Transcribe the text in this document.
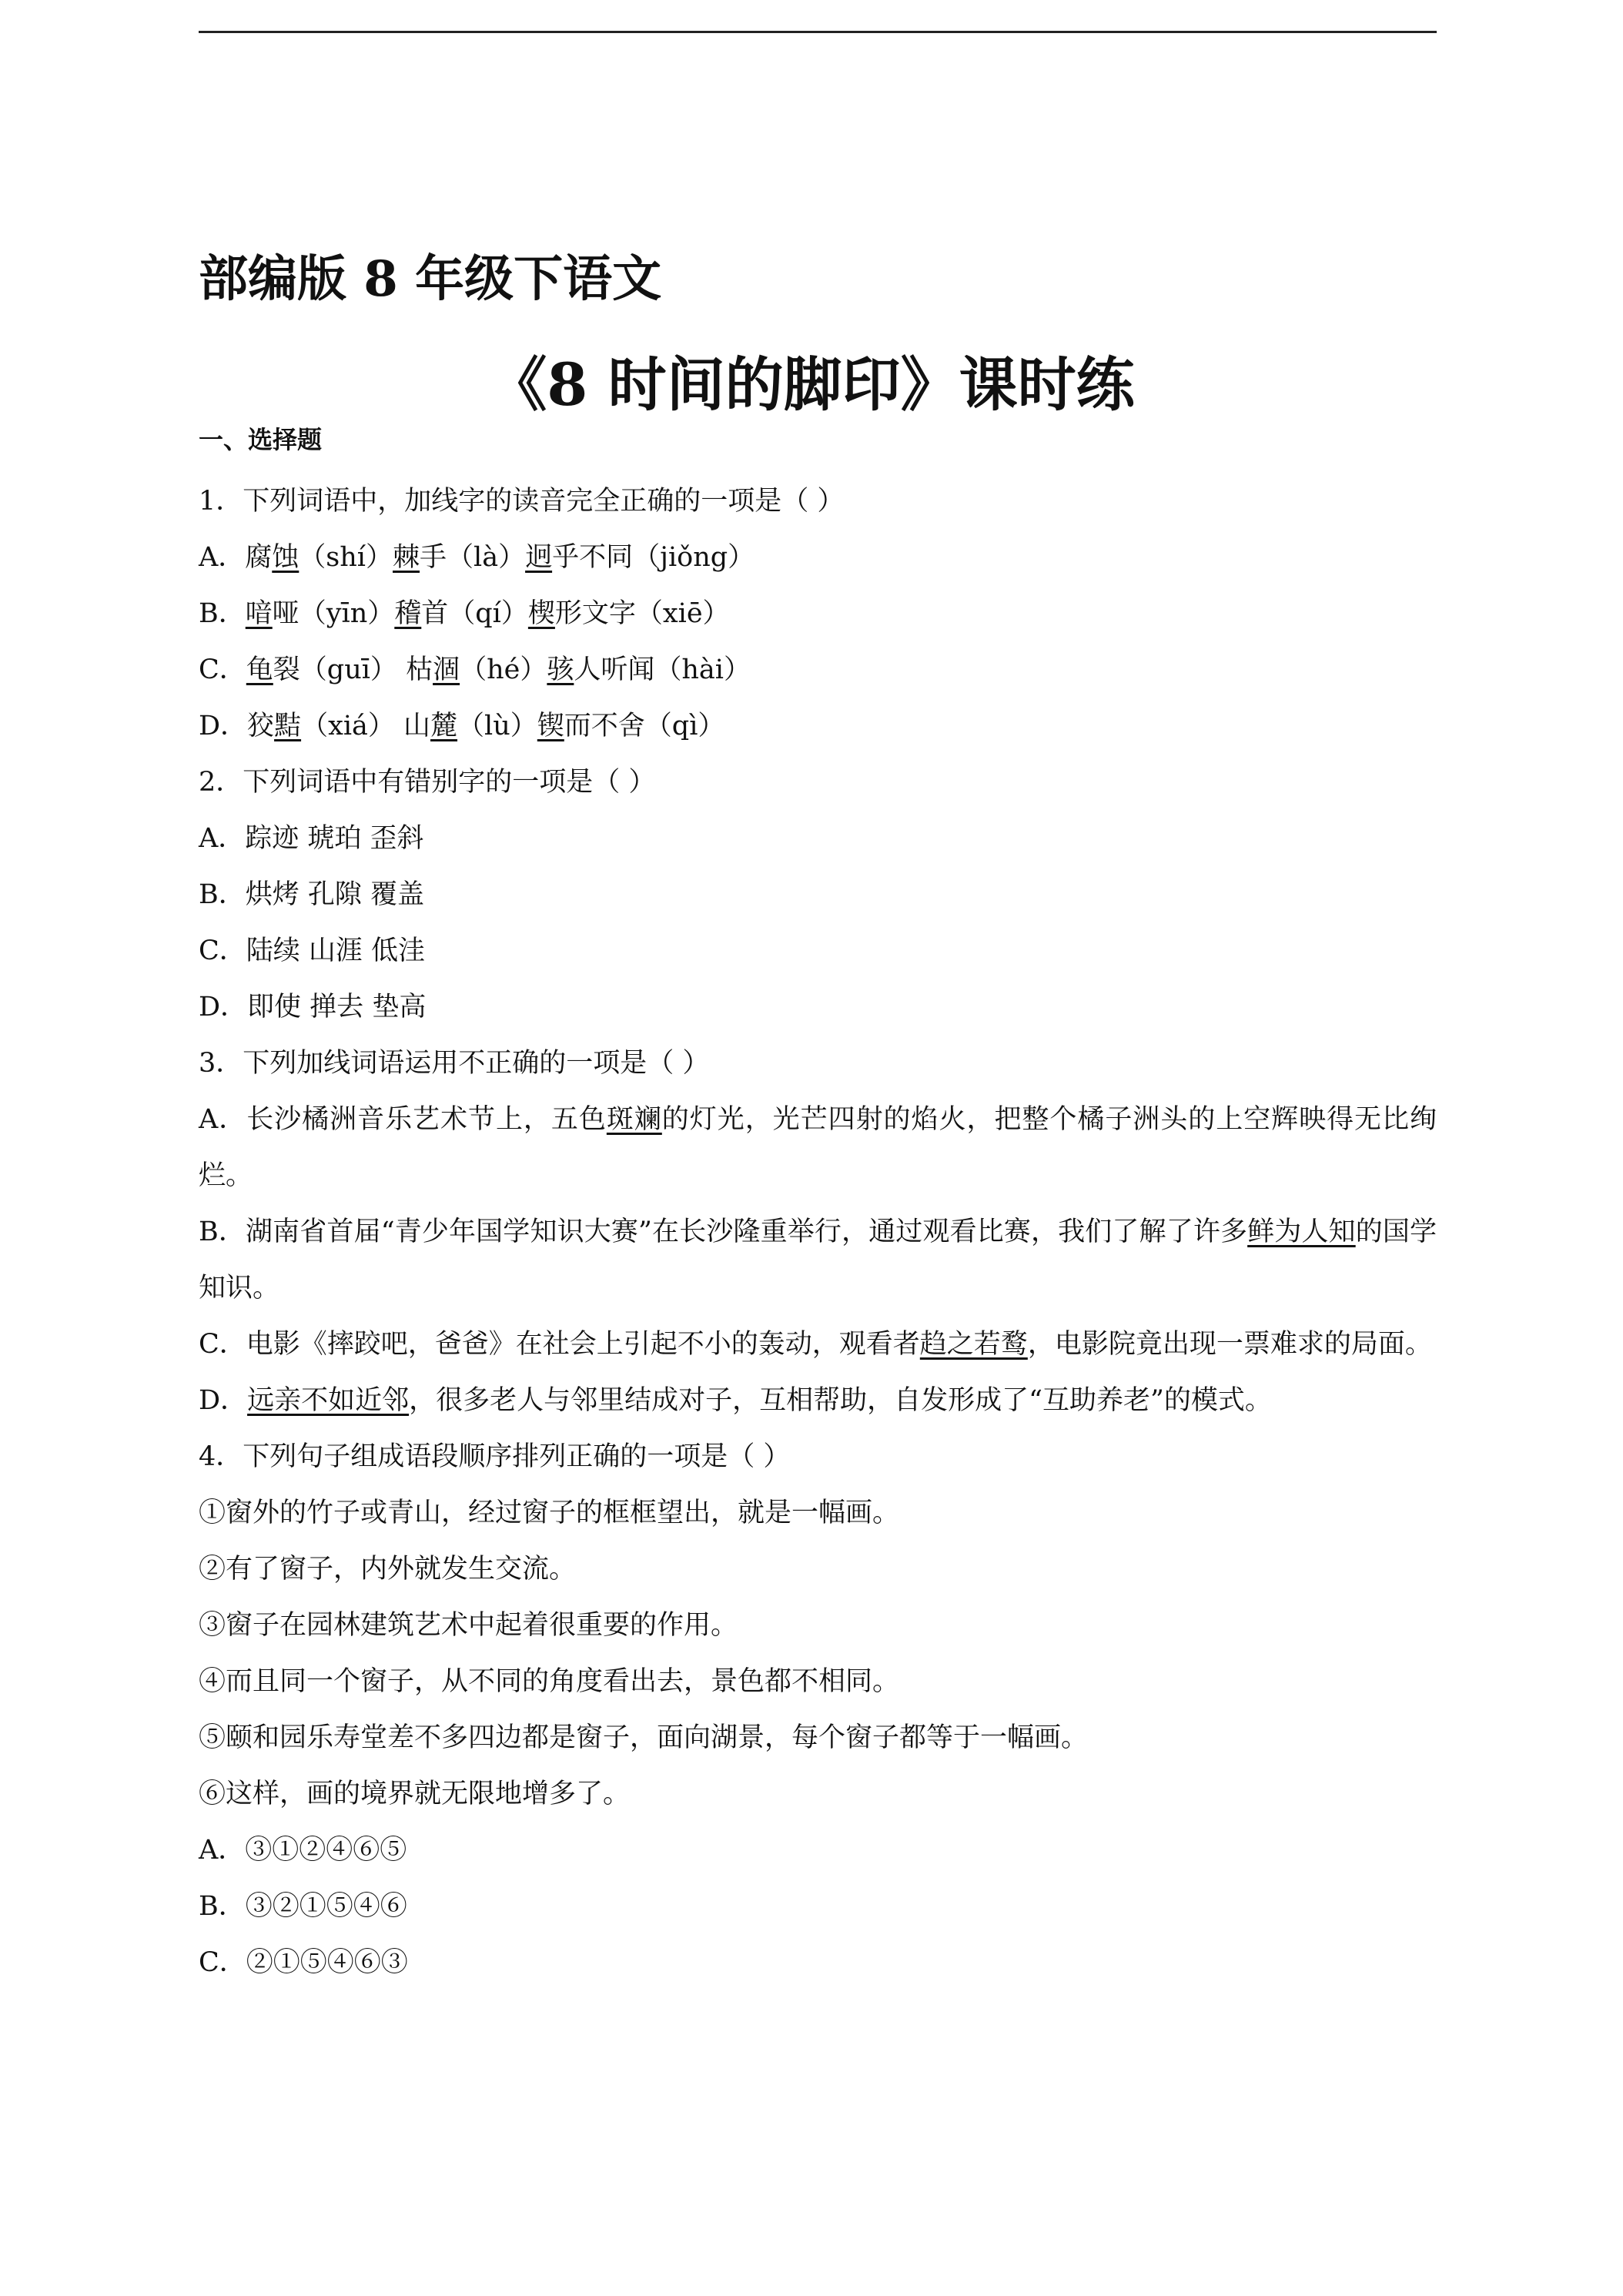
部编版 8 年级下语文
《8 时间的脚印》课时练
一、选择题
1．下列词语中，加线字的读音完全正确的一项是（ ）
A．腐蚀（shí）棘手（là）迥乎不同（jiǒng）
B．喑哑（yīn）稽首（qí）楔形文字（xiē）
C．龟裂（guī） 枯涸（hé）骇人听闻（hài）
D．狡黠（xiá） 山麓（lù）锲而不舍（qì）
2．下列词语中有错别字的一项是（ ）
A．踪迹 琥珀 歪斜
B．烘烤 孔隙 覆盖
C．陆续 山涯 低洼
D．即使 掸去 垫高
3．下列加线词语运用不正确的一项是（ ）
A．长沙橘洲音乐艺术节上，五色斑斓的灯光，光芒四射的焰火，把整个橘子洲头的上空辉映得无比绚烂。
B．湖南省首届“青少年国学知识大赛”在长沙隆重举行，通过观看比赛，我们了解了许多鲜为人知的国学知识。
C．电影《摔跤吧，爸爸》在社会上引起不小的轰动，观看者趋之若鹜，电影院竟出现一票难求的局面。
D．远亲不如近邻，很多老人与邻里结成对子，互相帮助，自发形成了“互助养老”的模式。
4．下列句子组成语段顺序排列正确的一项是（ ）
①窗外的竹子或青山，经过窗子的框框望出，就是一幅画。
②有了窗子，内外就发生交流。
③窗子在园林建筑艺术中起着很重要的作用。
④而且同一个窗子，从不同的角度看出去，景色都不相同。
⑤颐和园乐寿堂差不多四边都是窗子，面向湖景，每个窗子都等于一幅画。
⑥这样，画的境界就无限地增多了。
A．③①②④⑥⑤
B．③②①⑤④⑥
C．②①⑤④⑥③
